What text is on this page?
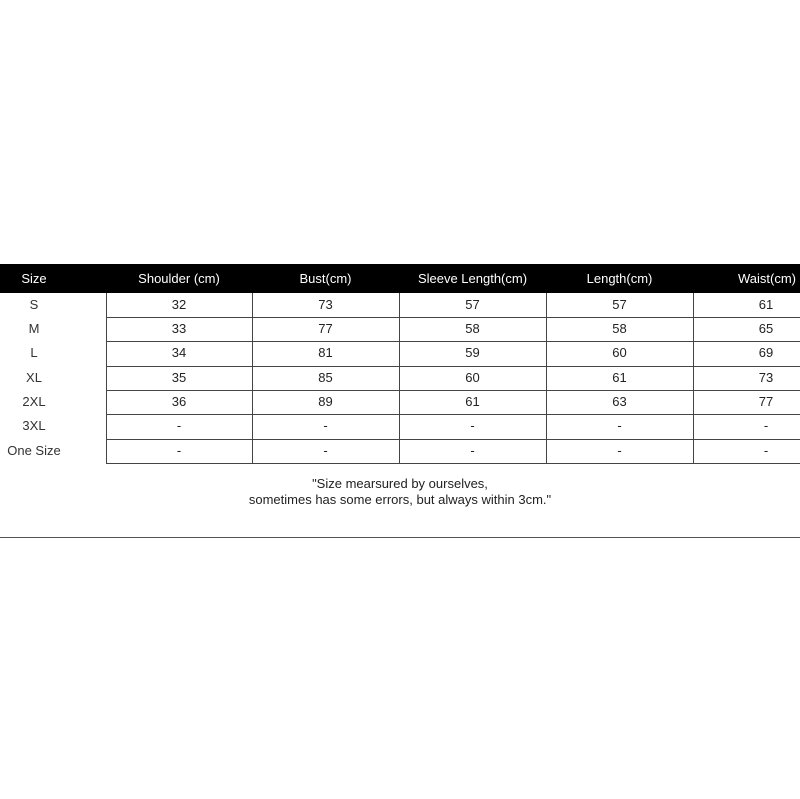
Size	Shoulder (cm)	Bust(cm)	Sleeve Length(cm)	Length(cm)	Waist(cm)
S	32	73	57	57	61
M	33	77	58	58	65
L	34	81	59	60	69
XL	35	85	60	61	73
2XL	36	89	61	63	77
3XL	-	-	-	-	-
One Size	-	-	-	-	-
"Size mearsured by ourselves,
sometimes has some errors, but always within 3cm."
